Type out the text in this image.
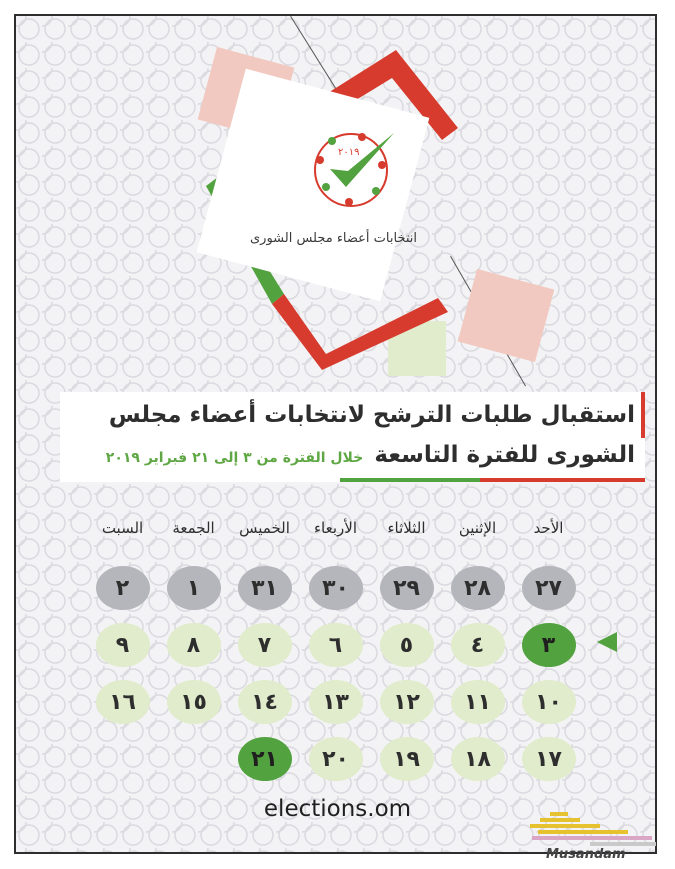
٢٠١٩
انتخابات أعضاء مجلس الشورى
استقبال طلبات الترشح لانتخابات أعضاء مجلس
الشورى للفترة التاسعة خلال الفترة من ٣ إلى ٢١ فبراير ٢٠١٩
الأحد
الإثنين
الثلاثاء
الأربعاء
الخميس
الجمعة
السبت
٢٧
٢٨
٢٩
٣٠
٣١
١
٢
٣
٤
٥
٦
٧
٨
٩
١٠
١١
١٢
١٣
١٤
١٥
١٦
١٧
١٨
١٩
٢٠
٢١
elections.om
Musandam
